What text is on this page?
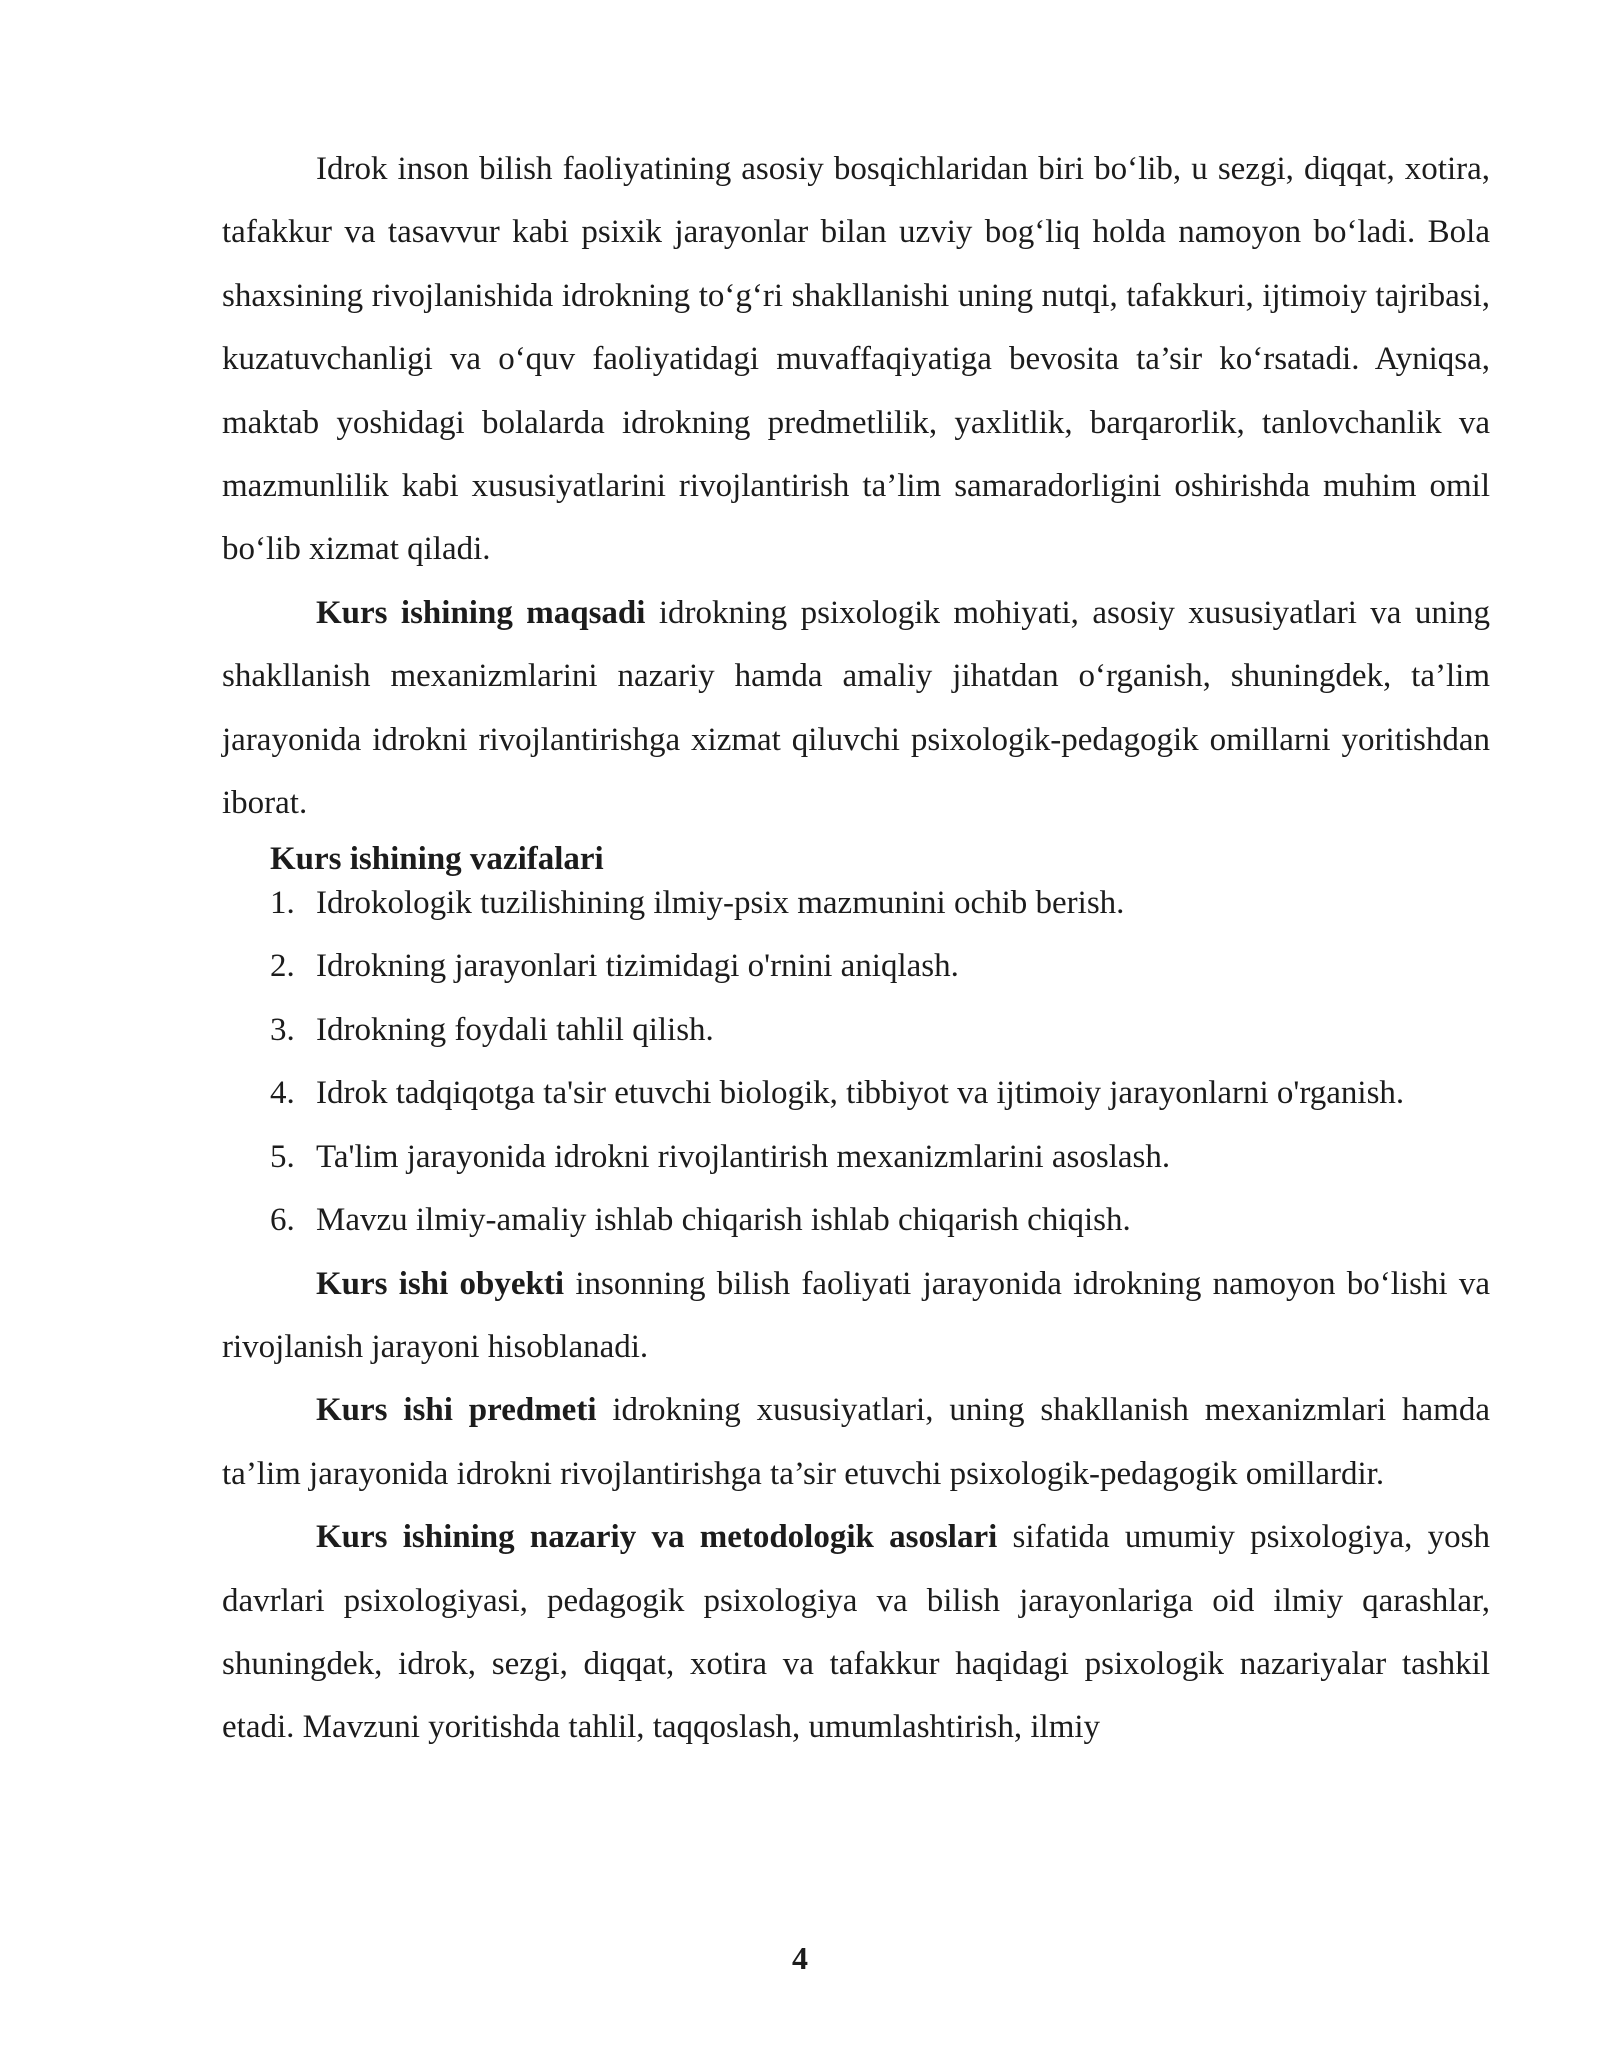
Idrok inson bilish faoliyatining asosiy bosqichlaridan biri bo‘lib, u sezgi, diqqat, xotira, tafakkur va tasavvur kabi psixik jarayonlar bilan uzviy bog‘liq holda namoyon bo‘ladi. Bola shaxsining rivojlanishida idrokning to‘g‘ri shakllanishi uning nutqi, tafakkuri, ijtimoiy tajribasi, kuzatuvchanligi va o‘quv faoliyatidagi muvaffaqiyatiga bevosita ta’sir ko‘rsatadi. Ayniqsa, maktab yoshidagi bolalarda idrokning predmetlilik, yaxlitlik, barqarorlik, tanlovchanlik va mazmunlilik kabi xususiyatlarini rivojlantirish ta’lim samaradorligini oshirishda muhim omil bo‘lib xizmat qiladi.

Kurs ishining maqsadi idrokning psixologik mohiyati, asosiy xususiyatlari va uning shakllanish mexanizmlarini nazariy hamda amaliy jihatdan o‘rganish, shuningdek, ta’lim jarayonida idrokni rivojlantirishga xizmat qiluvchi psixologik-pedagogik omillarni yoritishdan iborat.

Kurs ishining vazifalari

1. Idrokologik tuzilishining ilmiy-psix mazmunini ochib berish.
2. Idrokning jarayonlari tizimidagi o'rnini aniqlash.
3. Idrokning foydali tahlil qilish.
4. Idrok tadqiqotga ta'sir etuvchi biologik, tibbiyot va ijtimoiy jarayonlarni o'rganish.
5. Ta'lim jarayonida idrokni rivojlantirish mexanizmlarini asoslash.
6. Mavzu ilmiy-amaliy ishlab chiqarish ishlab chiqarish chiqish.

Kurs ishi obyekti insonning bilish faoliyati jarayonida idrokning namoyon bo‘lishi va rivojlanish jarayoni hisoblanadi.

Kurs ishi predmeti idrokning xususiyatlari, uning shakllanish mexanizmlari hamda ta’lim jarayonida idrokni rivojlantirishga ta’sir etuvchi psixologik-pedagogik omillardir.

Kurs ishining nazariy va metodologik asoslari sifatida umumiy psixologiya, yosh davrlari psixologiyasi, pedagogik psixologiya va bilish jarayonlariga oid ilmiy qarashlar, shuningdek, idrok, sezgi, diqqat, xotira va tafakkur haqidagi psixologik nazariyalar tashkil etadi. Mavzuni yoritishda tahlil, taqqoslash, umumlashtirish, ilmiy

4
